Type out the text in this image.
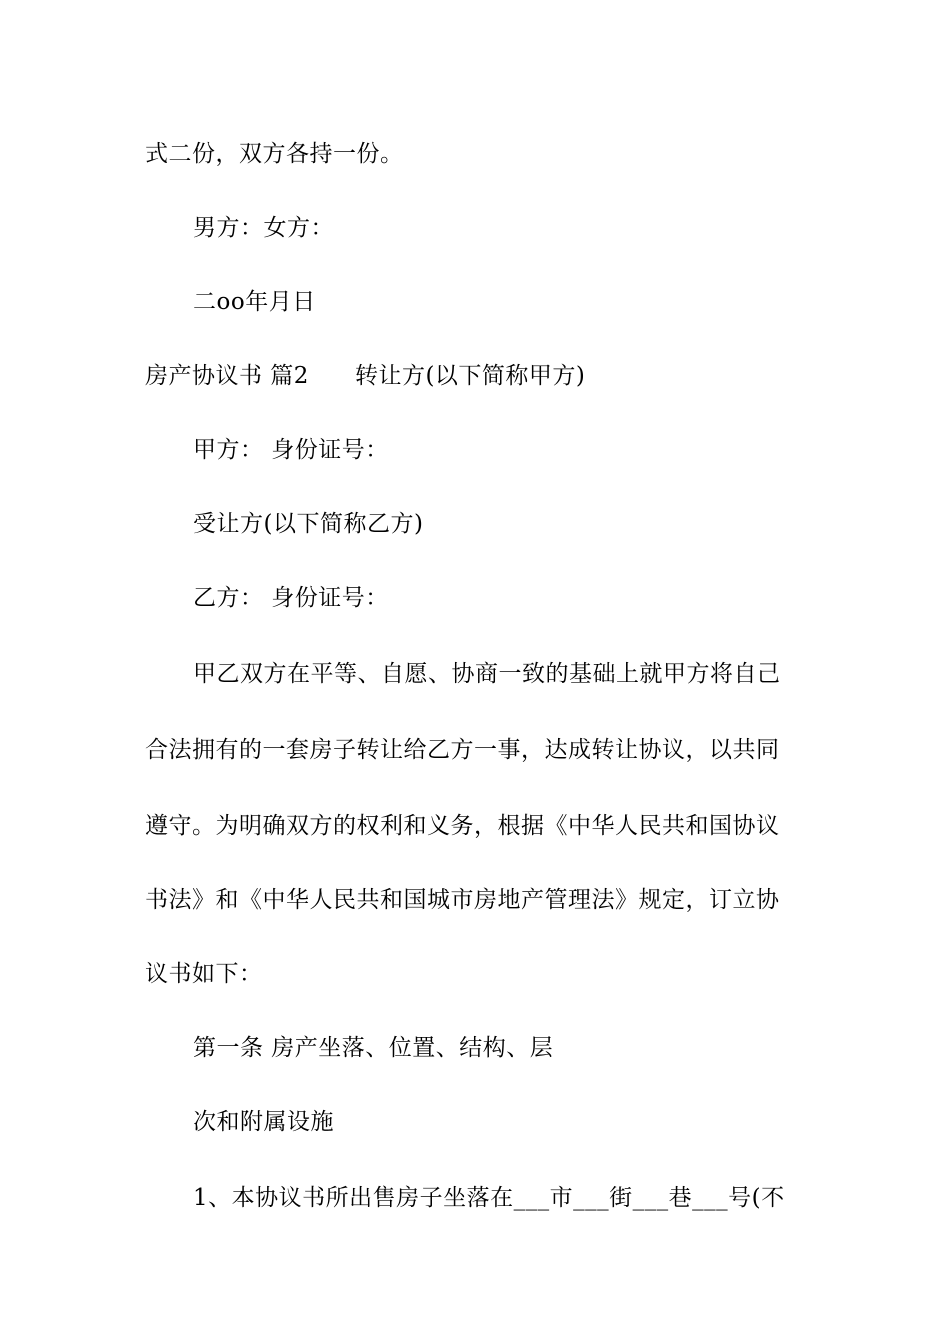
式二份，双方各持一份。
男方：女方：
二oo年月日
房产协议书 篇2 转让方(以下简称甲方)
甲方： 身份证号：
受让方(以下简称乙方)
乙方： 身份证号：
甲乙双方在平等、自愿、协商一致的基础上就甲方将自己
合法拥有的一套房子转让给乙方一事，达成转让协议，以共同
遵守。为明确双方的权利和义务，根据《中华人民共和国协议
书法》和《中华人民共和国城市房地产管理法》规定，订立协
议书如下：
第一条 房产坐落、位置、结构、层
次和附属设施
1、本协议书所出售房子坐落在___市___街___巷___号(不
